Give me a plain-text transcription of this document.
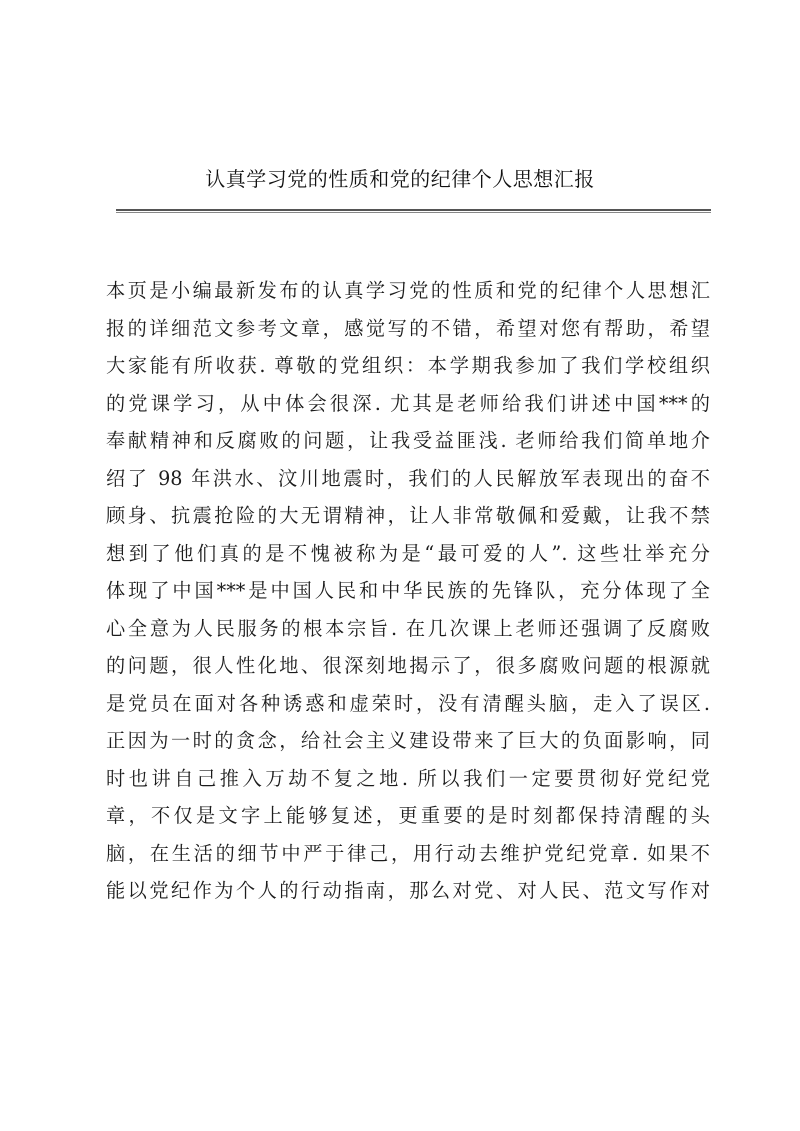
认真学习党的性质和党的纪律个人思想汇报
本页是小编最新发布的认真学习党的性质和党的纪律个人思想汇
报的详细范文参考文章，感觉写的不错，希望对您有帮助，希望
大家能有所收获. 尊敬的党组织：本学期我参加了我们学校组织
的党课学习，从中体会很深. 尤其是老师给我们讲述中国***的
奉献精神和反腐败的问题，让我受益匪浅. 老师给我们简单地介
绍了 98 年洪水、汶川地震时，我们的人民解放军表现出的奋不
顾身、抗震抢险的大无谓精神，让人非常敬佩和爱戴，让我不禁
想到了他们真的是不愧被称为是“最可爱的人”. 这些壮举充分
体现了中国***是中国人民和中华民族的先锋队，充分体现了全
心全意为人民服务的根本宗旨. 在几次课上老师还强调了反腐败
的问题，很人性化地、很深刻地揭示了，很多腐败问题的根源就
是党员在面对各种诱惑和虚荣时，没有清醒头脑，走入了误区.
正因为一时的贪念，给社会主义建设带来了巨大的负面影响，同
时也讲自己推入万劫不复之地. 所以我们一定要贯彻好党纪党
章，不仅是文字上能够复述，更重要的是时刻都保持清醒的头
脑，在生活的细节中严于律己，用行动去维护党纪党章. 如果不
能以党纪作为个人的行动指南，那么对党、对人民、范文写作对
